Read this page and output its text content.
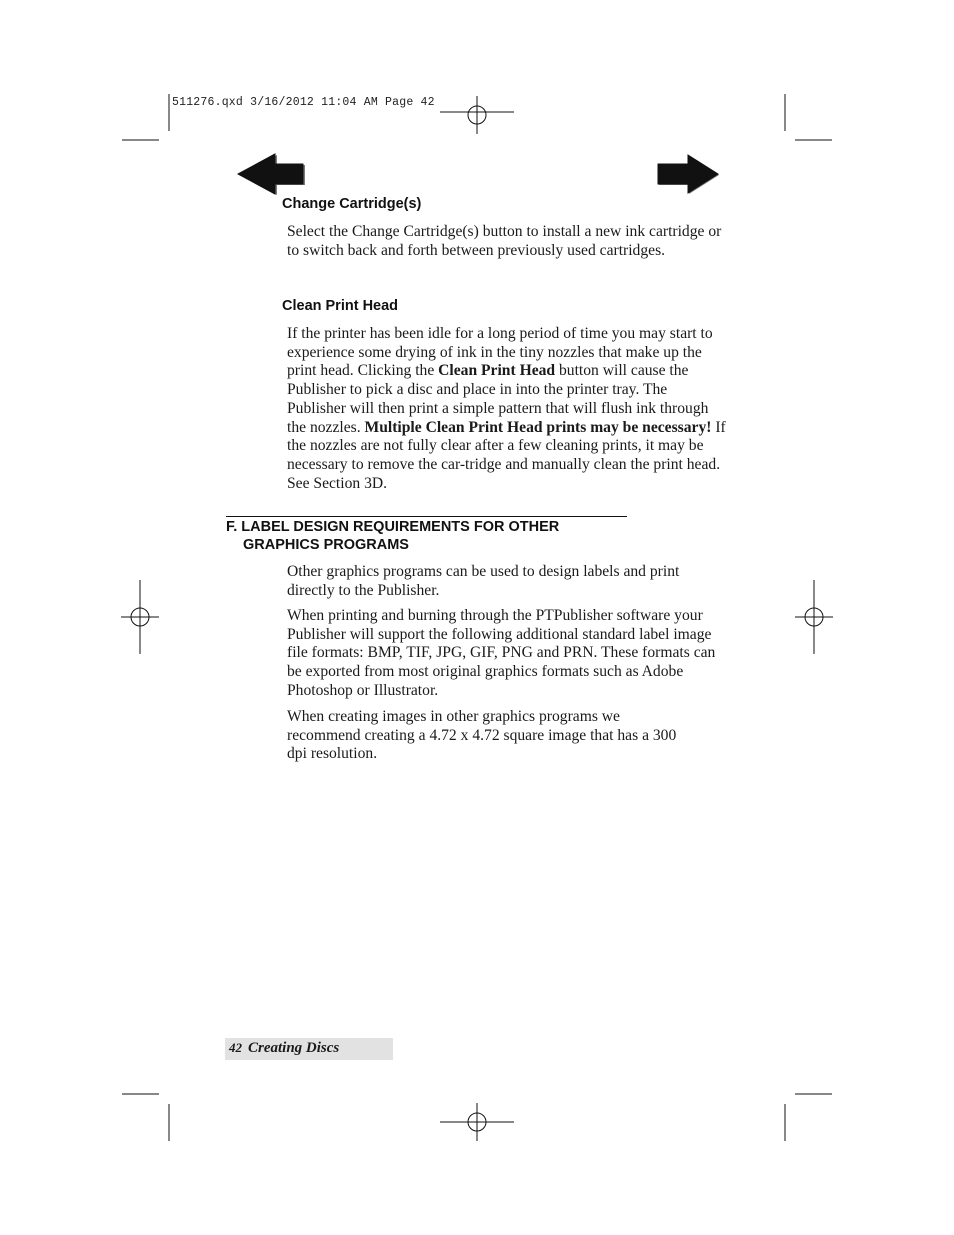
511276.qxd 3/16/2012 11:04 AM Page 42
Change Cartridge(s)
Select the Change Cartridge(s) button to install a new ink cartridge or to switch back and forth between previously used cartridges.
Clean Print Head
If the printer has been idle for a long period of time you may start to experience some drying of ink in the tiny nozzles that make up the print head. Clicking the Clean Print Head button will cause the Publisher to pick a disc and place in into the printer tray. The Publisher will then print a simple pattern that will flush ink through the nozzles. Multiple Clean Print Head prints may be necessary! If the nozzles are not fully clear after a few cleaning prints, it may be necessary to remove the car-tridge and manually clean the print head. See Section 3D.
F. LABEL DESIGN REQUIREMENTS FOR OTHER
GRAPHICS PROGRAMS
Other graphics programs can be used to design labels and print directly to the Publisher.
When printing and burning through the PTPublisher software your Publisher will support the following additional standard label image file formats: BMP, TIF, JPG, GIF, PNG and PRN. These formats can be exported from most original graphics formats such as Adobe Photoshop or Illustrator.
When creating images in other graphics programs we recommend creating a 4.72 x 4.72 square image that has a 300 dpi resolution.
42 Creating Discs
